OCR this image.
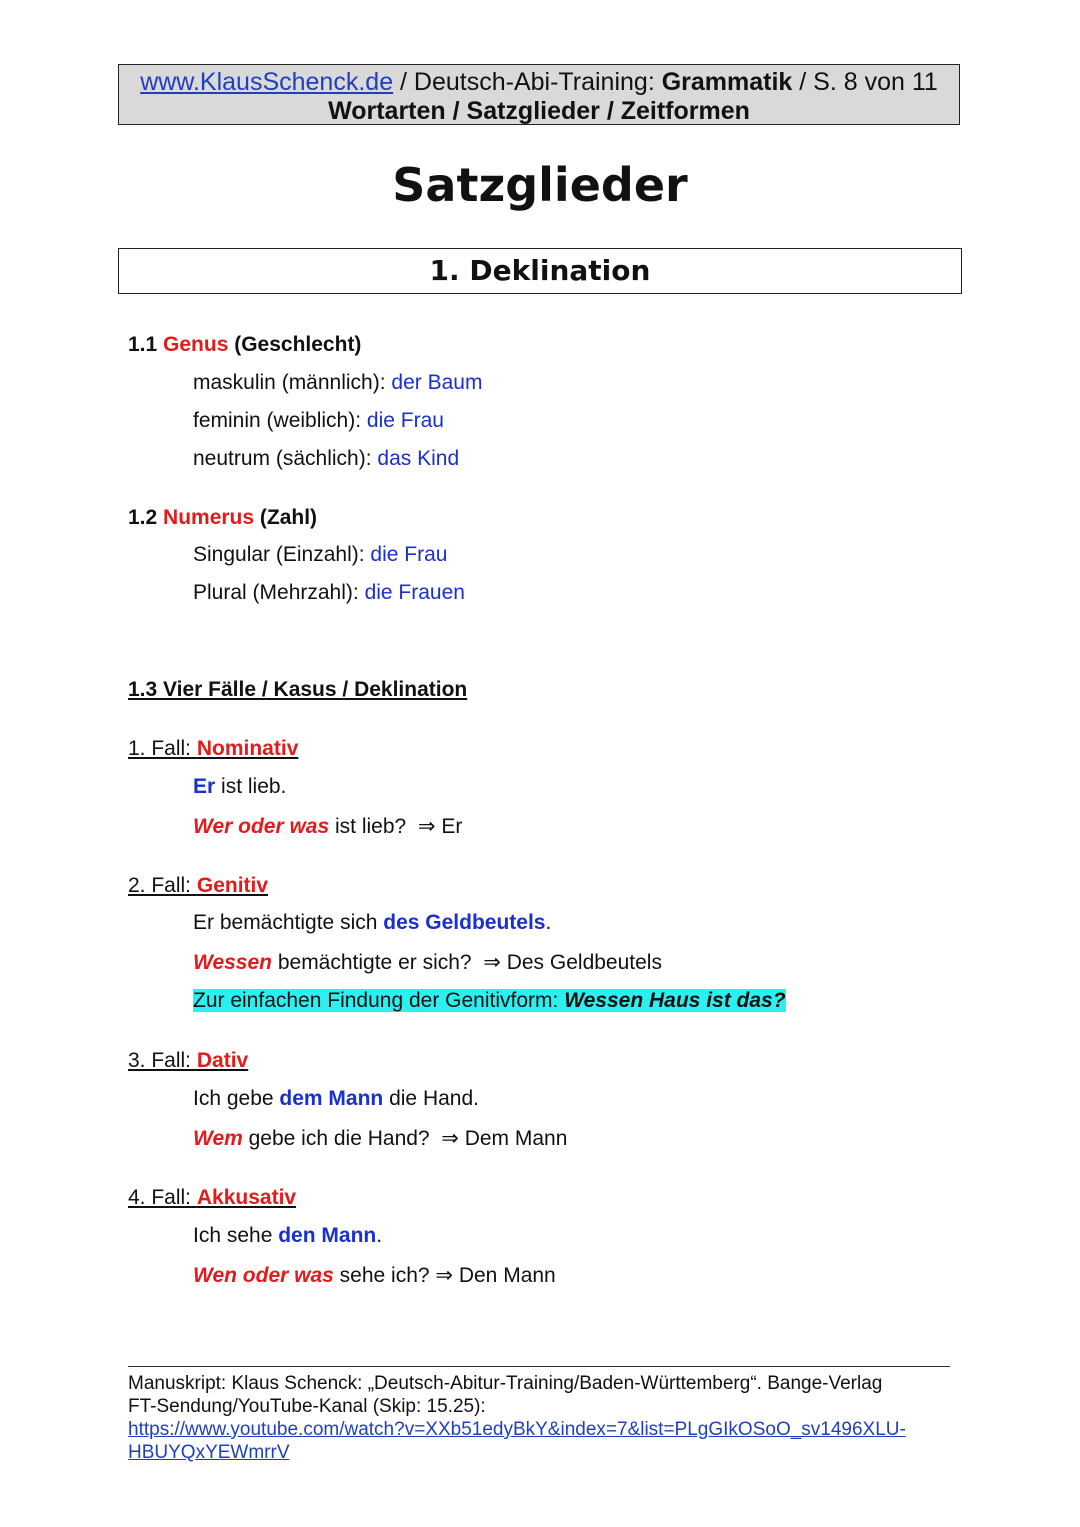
www.KlausSchenck.de / Deutsch-Abi-Training: Grammatik / S. 8 von 11
Wortarten / Satzglieder / Zeitformen
Satzglieder
1. Deklination
1.1 Genus (Geschlecht)
maskulin (männlich): der Baum
feminin (weiblich): die Frau
neutrum (sächlich): das Kind
1.2 Numerus (Zahl)
Singular (Einzahl): die Frau
Plural (Mehrzahl): die Frauen
1.3 Vier Fälle / Kasus / Deklination
1. Fall: Nominativ
Er ist lieb.
Wer oder was ist lieb? ⇒ Er
2. Fall: Genitiv
Er bemächtigte sich des Geldbeutels.
Wessen bemächtigte er sich? ⇒ Des Geldbeutels
Zur einfachen Findung der Genitivform: Wessen Haus ist das?
3. Fall: Dativ
Ich gebe dem Mann die Hand.
Wem gebe ich die Hand? ⇒ Dem Mann
4. Fall: Akkusativ
Ich sehe den Mann.
Wen oder was sehe ich? ⇒ Den Mann
Manuskript: Klaus Schenck: „Deutsch-Abitur-Training/Baden-Württemberg“. Bange-Verlag
FT-Sendung/YouTube-Kanal (Skip: 15.25):
https://www.youtube.com/watch?v=XXb51edyBkY&index=7&list=PLgGIkOSoO_sv1496XLU-
HBUYQxYEWmrrV
